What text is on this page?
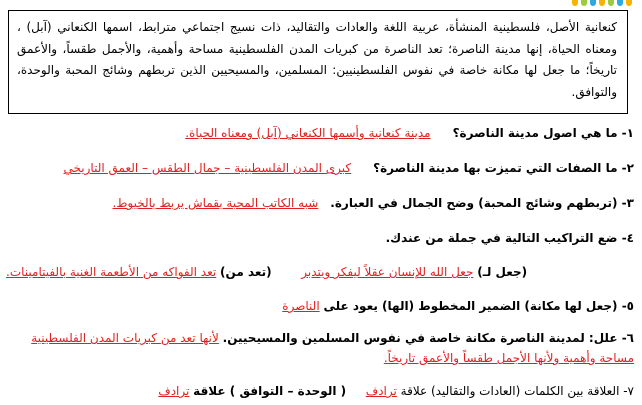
كنعانية الأصل، فلسطينية المنشأة، عربية اللغة والعادات والتقاليد، ذات نسيج اجتماعي مترابط، اسمها الكنعاني (آبل) ، ومعناه الحياة، إنها مدينة الناصرة؛ تعد الناصرة من كبريات المدن الفلسطينية مساحة وأهمية، والأجمل طقساً، والأعمق تاريخاً؛ ما جعل لها مكانة خاصة في نفوس الفلسطينيين: المسلمين، والمسيحيين الذين تربطهم وشائج المحبة والوحدة، والتوافق.

١- ما هي اصول مدينة الناصرة؟مدينة كنعانية وأسمها الكنعاني (آبل) ومعناه الحياة.

٢- ما الصفات التي تميزت بها مدينة الناصرة؟كبرى المدن الفلسطينية – جمال الطقس – العمق التاريخي

٣- (تربطهم وشائج المحبة) وضح الجمال في العبارة.شبه الكاتب المحبة بقماش يربط بالخيوط.

٤- ضع التراكيب التالية في جملة من عندك.

(جعل لـ) جعل الله للإنسان عقلاً ليفكر ويتدبر  (تعد من) تعد الفواكه من الأطعمة الغنية بالفيتامينات.

٥- (جعل لها مكانة) الضمير المخطوط (الها) يعود على الناصرة

٦- علل: لمدينة الناصرة مكانة خاصة في نفوس المسلمين والمسيحيين. لأنها تعد من كبريات المدن الفلسطينية مساحة وأهمية ولأنها الأجمل طقساً والأعمق تاريخاً.

٧- العلاقة بين الكلمات (العادات والتقاليد) علاقة ترادف  ( الوحدة – التوافق ) علاقة ترادف
